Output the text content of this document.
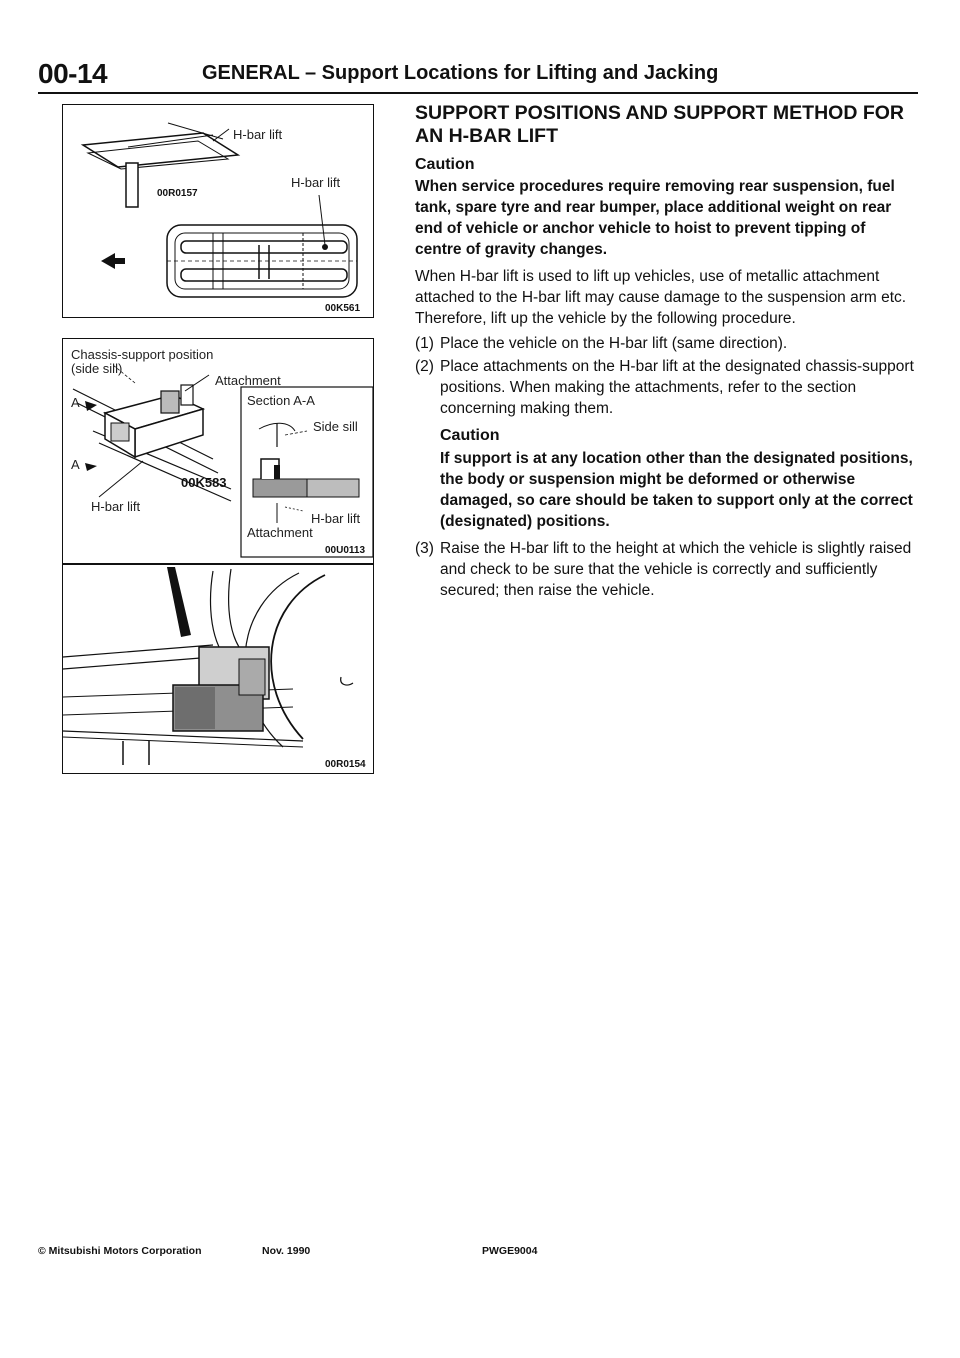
00-14	GENERAL – Support Locations for Lifting and Jacking
H-bar lift
H-bar lift
00R0157
00K561
Chassis-support position
(side sill)
Attachment
A
A
H-bar lift
00K583
Section A-A
Side sill
H-bar lift
Attachment
00U0113
00R0154
SUPPORT POSITIONS AND SUPPORT METHOD FOR AN H-BAR LIFT
Caution
When service procedures require removing rear suspension, fuel tank, spare tyre and rear bumper, place additional weight on rear end of vehicle or anchor vehicle to hoist to prevent tipping of centre of gravity changes.
When H-bar lift is used to lift up vehicles, use of metallic attachment attached to the H-bar lift may cause damage to the suspension arm etc. Therefore, lift up the vehicle by the following procedure.
(1) Place the vehicle on the H-bar lift (same direction).
(2) Place attachments on the H-bar lift at the designated chassis-support positions. When making the attachments, refer to the section concerning making them.
Caution
If support is at any location other than the designated positions, the body or suspension might be deformed or otherwise damaged, so care should be taken to support only at the correct (designated) positions.
(3) Raise the H-bar lift to the height at which the vehicle is slightly raised and check to be sure that the vehicle is correctly and sufficiently secured; then raise the vehicle.
© Mitsubishi Motors Corporation	Nov. 1990	PWGE9004
